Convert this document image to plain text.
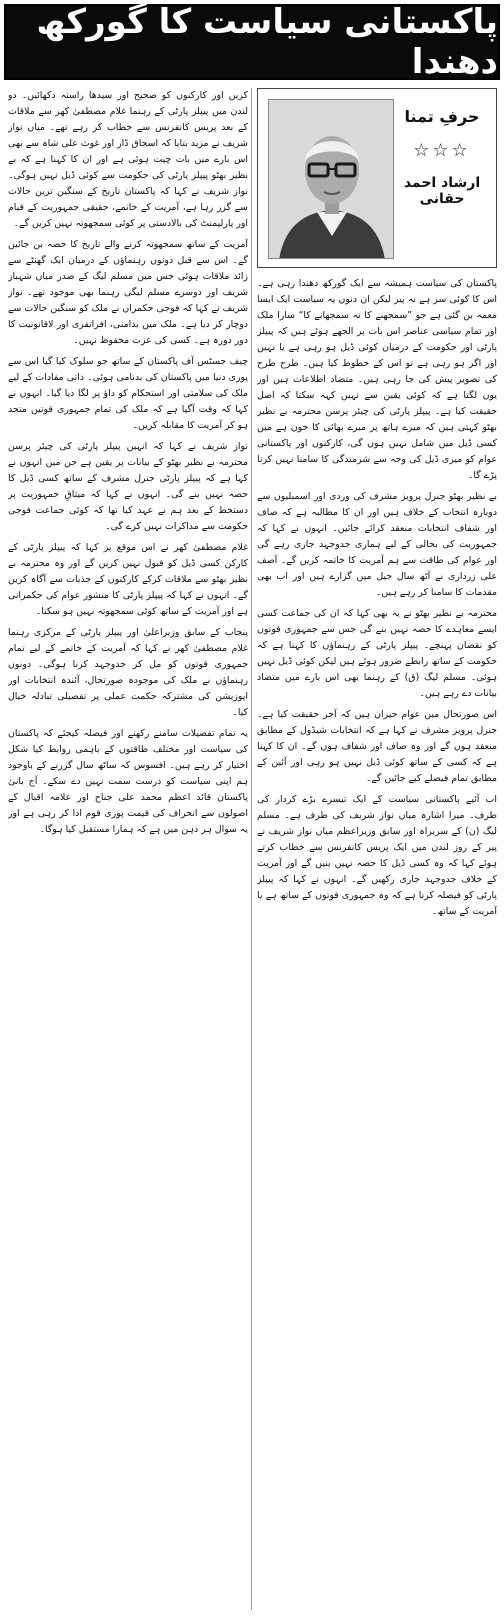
پاکستانی سیاست کا گورکھ دھندا
حرفِ تمنا
☆☆☆
ارشاد احمد حقانی

پاکستان کی سیاست ہمیشہ سے ایک گورکھ دھندا رہی ہے۔ اس کا کوئی سر ہے نہ پیر لیکن ان دنوں یہ سیاست ایک ایسا معمہ بن گئی ہے جو ”سمجھنے کا نہ سمجھانے کا“ سارا ملک اور تمام سیاسی عناصر اس بات پر الجھے ہوئے ہیں کہ پیپلز پارٹی اور حکومت کے درمیان کوئی ڈیل ہو رہی ہے یا نہیں اور اگر ہو رہی ہے تو اس کے خطوط کیا ہیں۔ طرح طرح کی تصویر پیش کی جا رہی ہیں۔ متضاد اطلاعات ہیں اور یوں لگتا ہے کہ کوئی یقین سے نہیں کہہ سکتا کہ اصل حقیقت کیا ہے۔ پیپلز پارٹی کی چیئر پرسن محترمہ بے نظیر بھٹو کہتی ہیں کہ میرے ہاتھ پر میرے بھائی کا خون ہے میں کسی ڈیل میں شامل نہیں ہوں گی، کارکنوں اور پاکستانی عوام کو میری ڈیل کی وجہ سے شرمندگی کا سامنا نہیں کرنا پڑے گا۔

بے نظیر بھٹو جنرل پرویز مشرف کی وردی اور اسمبلیوں سے دوبارہ انتخاب کے خلاف ہیں اور ان کا مطالبہ ہے کہ صاف اور شفاف انتخابات منعقد کرائے جائیں۔ انہوں نے کہا کہ جمہوریت کی بحالی کے لیے ہماری جدوجہد جاری رہے گی اور عوام کی طاقت سے ہم آمریت کا خاتمہ کریں گے۔ آصف علی زرداری نے آٹھ سال جیل میں گزارے ہیں اور اب بھی مقدمات کا سامنا کر رہے ہیں۔

محترمہ بے نظیر بھٹو نے یہ بھی کہا کہ ان کی جماعت کسی ایسے معاہدے کا حصہ نہیں بنے گی جس سے جمہوری قوتوں کو نقصان پہنچے۔ پیپلز پارٹی کے رہنماؤں کا کہنا ہے کہ حکومت کے ساتھ رابطے ضرور ہوئے ہیں لیکن کوئی ڈیل نہیں ہوئی۔ مسلم لیگ (ق) کے رہنما بھی اس بارے میں متضاد بیانات دے رہے ہیں۔

اس صورتحال میں عوام حیران ہیں کہ آخر حقیقت کیا ہے۔ جنرل پرویز مشرف نے کہا ہے کہ انتخابات شیڈول کے مطابق منعقد ہوں گے اور وہ صاف اور شفاف ہوں گے۔ ان کا کہنا ہے کہ کسی کے ساتھ کوئی ڈیل نہیں ہو رہی اور آئین کے مطابق تمام فیصلے کیے جائیں گے۔

اب آئیے پاکستانی سیاست کے ایک تیسرے بڑے کردار کی طرف۔ میرا اشارہ میاں نواز شریف کی طرف ہے۔ مسلم لیگ (ن) کے سربراہ اور سابق وزیراعظم میاں نواز شریف نے پیر کے روز لندن میں ایک پریس کانفرنس سے خطاب کرتے ہوئے کہا کہ وہ کسی ڈیل کا حصہ نہیں بنیں گے اور آمریت کے خلاف جدوجہد جاری رکھیں گے۔ انہوں نے کہا کہ پیپلز پارٹی کو فیصلہ کرنا ہے کہ وہ جمہوری قوتوں کے ساتھ ہے یا آمریت کے ساتھ۔

کریں اور کارکنوں کو صحیح اور سیدھا راستہ دکھائیں۔ دو لندن میں پیپلز پارٹی کے رہنما غلام مصطفیٰ کھر سے ملاقات کے بعد پریس کانفرنس سے خطاب کر رہے تھے۔ میاں نواز شریف نے مزید بتایا کہ اسحاق ڈار اور غوث علی شاہ سے بھی اس بارے میں بات چیت ہوئی ہے اور ان کا کہنا ہے کہ بے نظیر بھٹو پیپلز پارٹی کی حکومت سے کوئی ڈیل نہیں ہوگی۔ نواز شریف نے کہا کہ پاکستان تاریخ کے سنگین ترین حالات سے گزر رہا ہے، آمریت کے خاتمے، حقیقی جمہوریت کے قیام اور پارلیمنٹ کی بالادستی پر کوئی سمجھوتہ نہیں کریں گے۔

آمریت کے ساتھ سمجھوتہ کرنے والے تاریخ کا حصہ بن جائیں گے۔ اس سے قبل دونوں رہنماؤں کے درمیان ایک گھنٹے سے زائد ملاقات ہوئی جس میں مسلم لیگ کے صدر میاں شہباز شریف اور دوسرے مسلم لیگی رہنما بھی موجود تھے۔ نواز شریف نے کہا کہ فوجی حکمراں نے ملک کو سنگین حالات سے دوچار کر دیا ہے۔ ملک میں بدامنی، افراتفری اور لاقانونیت کا دور دورہ ہے۔ کسی کی عزت محفوظ نہیں۔

چیف جسٹس آف پاکستان کے ساتھ جو سلوک کیا گیا اس سے پوری دنیا میں پاکستان کی بدنامی ہوئی۔ ذاتی مفادات کے لیے ملک کی سلامتی اور استحکام کو داؤ پر لگا دیا گیا۔ انہوں نے کہا کہ وقت آگیا ہے کہ ملک کی تمام جمہوری قوتیں متحد ہو کر آمریت کا مقابلہ کریں۔

نواز شریف نے کہا کہ انہیں پیپلز پارٹی کی چیئر پرسن محترمہ بے نظیر بھٹو کے بیانات پر یقین ہے جن میں انہوں نے کہا ہے کہ پیپلز پارٹی جنرل مشرف کے ساتھ کسی ڈیل کا حصہ نہیں بنے گی۔ انہوں نے کہا کہ میثاقِ جمہوریت پر دستخط کے بعد ہم نے عہد کیا تھا کہ کوئی جماعت فوجی حکومت سے مذاکرات نہیں کرے گی۔

غلام مصطفیٰ کھر نے اس موقع پر کہا کہ پیپلز پارٹی کے کارکن کسی ڈیل کو قبول نہیں کریں گے اور وہ محترمہ بے نظیر بھٹو سے ملاقات کرکے کارکنوں کے جذبات سے آگاہ کریں گے۔ انہوں نے کہا کہ پیپلز پارٹی کا منشور عوام کی حکمرانی ہے اور آمریت کے ساتھ کوئی سمجھوتہ نہیں ہو سکتا۔

پنجاب کے سابق وزیراعلیٰ اور پیپلز پارٹی کے مرکزی رہنما غلام مصطفیٰ کھر نے کہا کہ آمریت کے خاتمے کے لیے تمام جمہوری قوتوں کو مل کر جدوجہد کرنا ہوگی۔ دونوں رہنماؤں نے ملک کی موجودہ صورتحال، آئندہ انتخابات اور اپوزیشن کی مشترکہ حکمت عملی پر تفصیلی تبادلہ خیال کیا۔

یہ تمام تفصیلات سامنے رکھنے اور فیصلہ کیجئے کہ پاکستان کی سیاست اور مختلف طاقتوں کے باہمی روابط کیا شکل اختیار کر رہے ہیں۔ افسوس کہ ساٹھ سال گزرنے کے باوجود ہم اپنی سیاست کو درست سمت نہیں دے سکے۔ آج بانیٔ پاکستان قائد اعظم محمد علی جناح اور علامہ اقبال کے اصولوں سے انحراف کی قیمت پوری قوم ادا کر رہی ہے اور یہ سوال ہر ذہن میں ہے کہ ہمارا مستقبل کیا ہوگا۔
